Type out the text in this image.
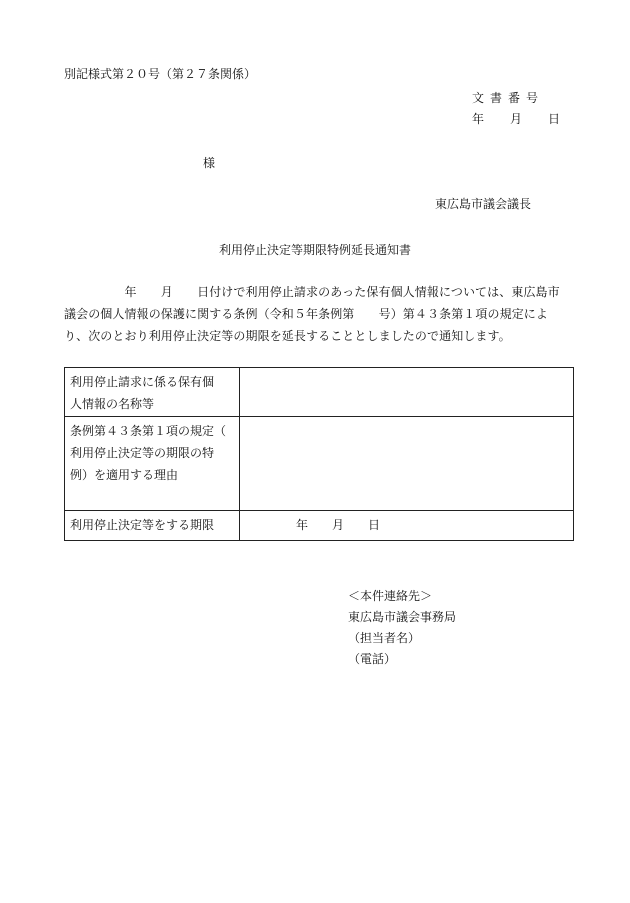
別記様式第２０号（第２７条関係）
文書番号
年 月 日
様
東広島市議会議長
利用停止決定等期限特例延長通知書
　　　　　年　　月　　日付けで利用停止請求のあった保有個人情報については、東広島市
議会の個人情報の保護に関する条例（令和５年条例第　　号）第４３条第１項の規定によ
り、次のとおり利用停止決定等の期限を延長することとしましたので通知します。
利用停止請求に係る保有個
人情報の名称等	
条例第４３条第１項の規定（
利用停止決定等の期限の特
例）を適用する理由	
利用停止決定等をする期限	年 月 日
＜本件連絡先＞
東広島市議会事務局
（担当者名）
（電話）
